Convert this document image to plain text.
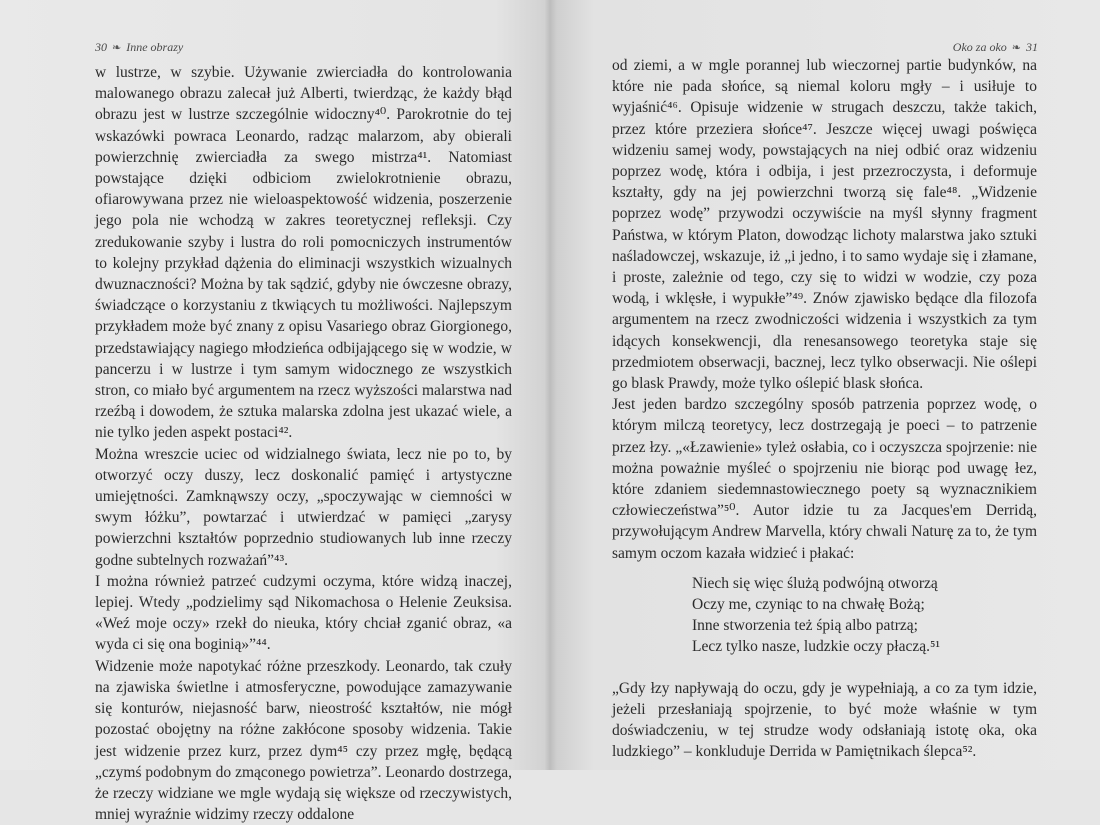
30 ❧ Inne obrazy

w lustrze, w szybie. Używanie zwierciadła do kontrolowania malowanego obrazu zalecał już Alberti, twierdząc, że każdy błąd obrazu jest w lustrze szczególnie widoczny⁴⁰. Parokrotnie do tej wskazówki powraca Leonardo, radząc malarzom, aby obierali powierzchnię zwierciadła za swego mistrza⁴¹. Natomiast powstające dzięki odbiciom zwielokrotnienie obrazu, ofiarowywana przez nie wieloaspektowość widzenia, poszerzenie jego pola nie wchodzą w zakres teoretycznej refleksji. Czy zredukowanie szyby i lustra do roli pomocniczych instrumentów to kolejny przykład dążenia do eliminacji wszystkich wizualnych dwuznaczności? Można by tak sądzić, gdyby nie ówczesne obrazy, świadczące o korzystaniu z tkwiących tu możliwości. Najlepszym przykładem może być znany z opisu Vasariego obraz Giorgionego, przedstawiający nagiego młodzieńca odbijającego się w wodzie, w pancerzu i w lustrze i tym samym widocznego ze wszystkich stron, co miało być argumentem na rzecz wyższości malarstwa nad rzeźbą i dowodem, że sztuka malarska zdolna jest ukazać wiele, a nie tylko jeden aspekt postaci⁴².

Można wreszcie uciec od widzialnego świata, lecz nie po to, by otworzyć oczy duszy, lecz doskonalić pamięć i artystyczne umiejętności. Zamknąwszy oczy, „spoczywając w ciemności w swym łóżku”, powtarzać i utwierdzać w pamięci „zarysy powierzchni kształtów poprzednio studiowanych lub inne rzeczy godne subtelnych rozważań”⁴³.

I można również patrzeć cudzymi oczyma, które widzą inaczej, lepiej. Wtedy „podzielimy sąd Nikomachosa o Helenie Zeuksisa. «Weź moje oczy» rzekł do nieuka, który chciał zganić obraz, «a wyda ci się ona boginią»”⁴⁴.

Widzenie może napotykać różne przeszkody. Leonardo, tak czuły na zjawiska świetlne i atmosferyczne, powodujące zamazywanie się konturów, niejasność barw, nieostrość kształtów, nie mógł pozostać obojętny na różne zakłócone sposoby widzenia. Takie jest widzenie przez kurz, przez dym⁴⁵ czy przez mgłę, będącą „czymś podobnym do zmąconego powietrza”. Leonardo dostrzega, że rzeczy widziane we mgle wydają się większe od rzeczywistych, mniej wyraźnie widzimy rzeczy oddalone

Oko za oko ❧ 31

od ziemi, a w mgle porannej lub wieczornej partie budynków, na które nie pada słońce, są niemal koloru mgły – i usiłuje to wyjaśnić⁴⁶. Opisuje widzenie w strugach deszczu, także takich, przez które przeziera słońce⁴⁷. Jeszcze więcej uwagi poświęca widzeniu samej wody, powstających na niej odbić oraz widzeniu poprzez wodę, która i odbija, i jest przezroczysta, i deformuje kształty, gdy na jej powierzchni tworzą się fale⁴⁸. „Widzenie poprzez wodę” przywodzi oczywiście na myśl słynny fragment Państwa, w którym Platon, dowodząc lichoty malarstwa jako sztuki naśladowczej, wskazuje, iż „i jedno, i to samo wydaje się i złamane, i proste, zależnie od tego, czy się to widzi w wodzie, czy poza wodą, i wklęsłe, i wypukłe”⁴⁹. Znów zjawisko będące dla filozofa argumentem na rzecz zwodniczości widzenia i wszystkich za tym idących konsekwencji, dla renesansowego teoretyka staje się przedmiotem obserwacji, bacznej, lecz tylko obserwacji. Nie oślepi go blask Prawdy, może tylko oślepić blask słońca.

Jest jeden bardzo szczególny sposób patrzenia poprzez wodę, o którym milczą teoretycy, lecz dostrzegają je poeci – to patrzenie przez łzy. „«Łzawienie» tyleż osłabia, co i oczyszcza spojrzenie: nie można poważnie myśleć o spojrzeniu nie biorąc pod uwagę łez, które zdaniem siedemnastowiecznego poety są wyznacznikiem człowieczeństwa”⁵⁰. Autor idzie tu za Jacques'em Derridą, przywołującym Andrew Marvella, który chwali Naturę za to, że tym samym oczom kazała widzieć i płakać:

Niech się więc ślużą podwójną otworzą
Oczy me, czyniąc to na chwałę Bożą;
Inne stworzenia też śpią albo patrzą;
Lecz tylko nasze, ludzkie oczy płaczą.⁵¹

„Gdy łzy napływają do oczu, gdy je wypełniają, a co za tym idzie, jeżeli przesłaniają spojrzenie, to być może właśnie w tym doświadczeniu, w tej strudze wody odsłaniają istotę oka, oka ludzkiego” – konkluduje Derrida w Pamiętnikach ślepca⁵².
